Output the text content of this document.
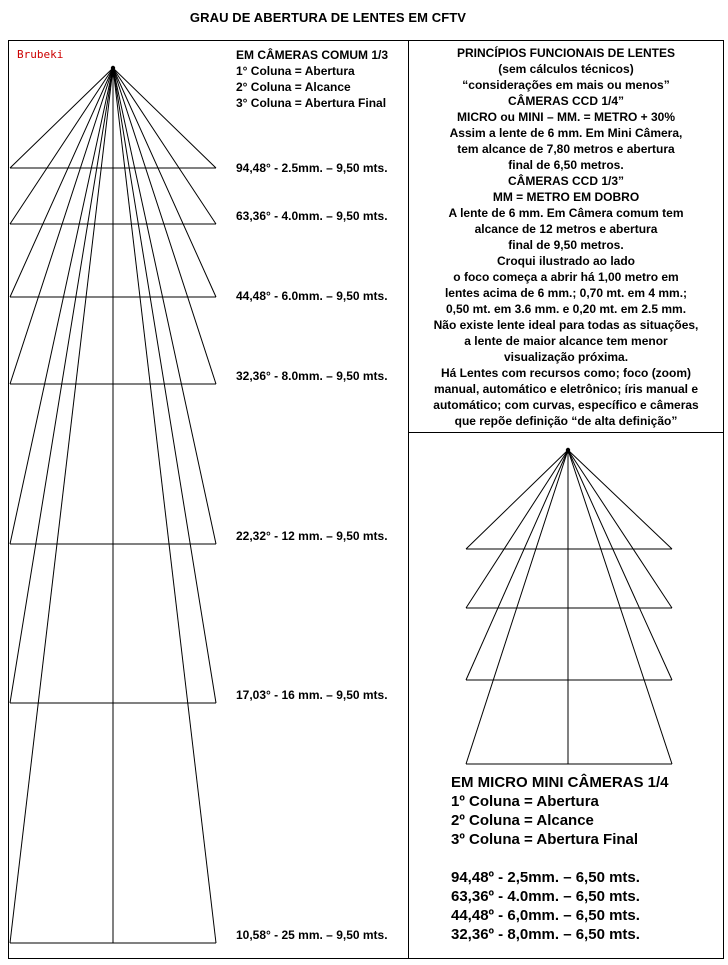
GRAU DE ABERTURA DE LENTES EM CFTV
Brubeki	EM CÂMERAS COMUM 1/3
1° Coluna = Abertura
2° Coluna = Alcance
3° Coluna = Abertura Final
94,48° - 2.5mm. – 9,50 mts.
63,36° - 4.0mm. – 9,50 mts.
44,48° - 6.0mm. – 9,50 mts.
32,36° - 8.0mm. – 9,50 mts.
22,32° - 12 mm. – 9,50 mts.
17,03° - 16 mm. – 9,50 mts.
10,58° - 25 mm. – 9,50 mts.
PRINCÍPIOS FUNCIONAIS DE LENTES
(sem cálculos técnicos)
“considerações em mais ou menos”
CÂMERAS CCD 1/4”
MICRO ou MINI – MM. = METRO + 30%
Assim a lente de 6 mm. Em Mini Câmera,
tem alcance de 7,80 metros e abertura
final de 6,50 metros.
CÂMERAS CCD 1/3”
MM = METRO EM DOBRO
A lente de 6 mm. Em Câmera comum tem
alcance de 12 metros e abertura
final de 9,50 metros.
Croqui ilustrado ao lado
o foco começa a abrir há 1,00 metro em
lentes acima de 6 mm.; 0,70 mt. em 4 mm.;
0,50 mt. em 3.6 mm. e 0,20 mt. em 2.5 mm.
Não existe lente ideal para todas as situações,
a lente de maior alcance tem menor
visualização próxima.
Há Lentes com recursos como; foco (zoom)
manual, automático e eletrônico; íris manual e
automático; com curvas, específico e câmeras
que repõe definição “de alta definição”
EM MICRO MINI CÂMERAS 1/4
1º Coluna = Abertura
2º Coluna = Alcance
3º Coluna = Abertura Final
94,48º - 2,5mm. – 6,50 mts.
63,36º - 4.0mm. – 6,50 mts.
44,48º - 6,0mm. – 6,50 mts.
32,36º - 8,0mm. – 6,50 mts.
